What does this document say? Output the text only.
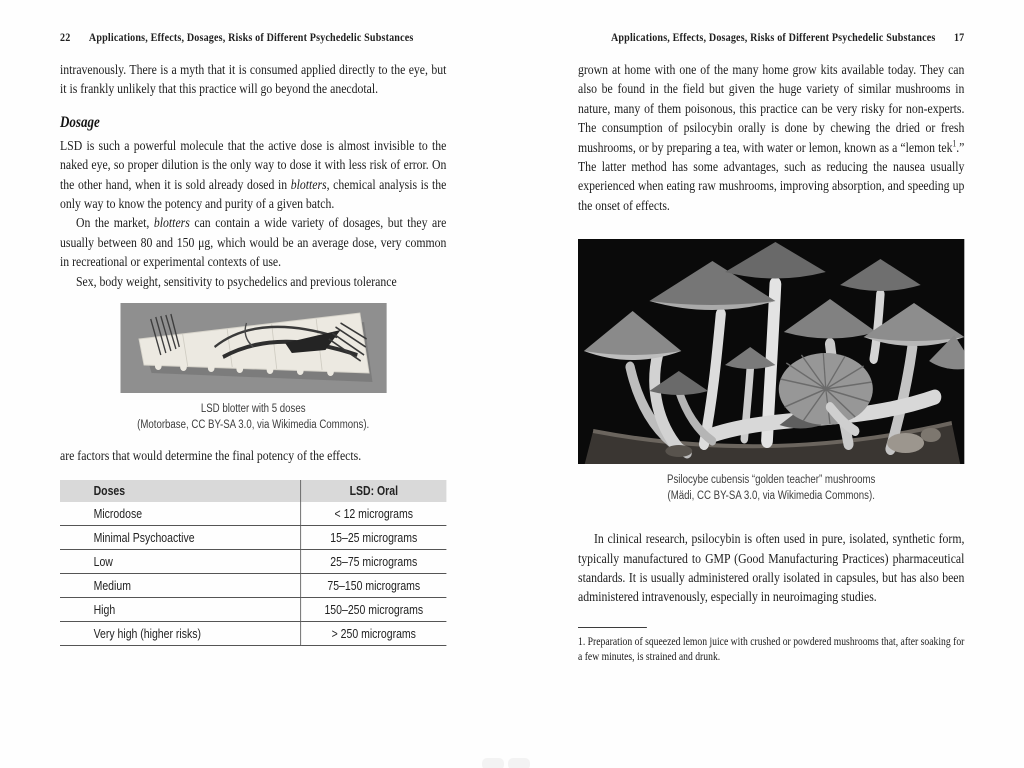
22 Applications, Effects, Dosages, Risks of Different Psychedelic Substances

intravenously. There is a myth that it is consumed applied directly to the eye, but it is frankly unlikely that this practice will go beyond the anecdotal.

Dosage

LSD is such a powerful molecule that the active dose is almost invisible to the naked eye, so proper dilution is the only way to dose it with less risk of error. On the other hand, when it is sold already dosed in blotters, chemical analysis is the only way to know the potency and purity of a given batch.

On the market, blotters can contain a wide variety of dosages, but they are usually between 80 and 150 μg, which would be an average dose, very common in recreational or experimental contexts of use.

Sex, body weight, sensitivity to psychedelics and previous tolerance

LSD blotter with 5 doses
(Motorbase, CC BY-SA 3.0, via Wikimedia Commons).

are factors that would determine the final potency of the effects.

Doses	LSD: Oral
Microdose	< 12 micrograms
Minimal Psychoactive	15–25 micrograms
Low	25–75 micrograms
Medium	75–150 micrograms
High	150–250 micrograms
Very high (higher risks)	> 250 micrograms
Applications, Effects, Dosages, Risks of Different Psychedelic Substances 17

grown at home with one of the many home grow kits available today. They can also be found in the field but given the huge variety of similar mushrooms in nature, many of them poisonous, this practice can be very risky for non-experts. The consumption of psilocybin orally is done by chewing the dried or fresh mushrooms, or by preparing a tea, with water or lemon, known as a “lemon tek$^1$.” The latter method has some advantages, such as reducing the nausea usually experienced when eating raw mushrooms, improving absorption, and speeding up the onset of effects.

Psilocybe cubensis “golden teacher” mushrooms
(Mädi, CC BY-SA 3.0, via Wikimedia Commons).

In clinical research, psilocybin is often used in pure, isolated, synthetic form, typically manufactured to GMP (Good Manufacturing Practices) pharmaceutical standards. It is usually administered orally isolated in capsules, but has also been administered intravenously, especially in neuroimaging studies.

1. Preparation of squeezed lemon juice with crushed or powdered mushrooms that, after soaking for a few minutes, is strained and drunk.
